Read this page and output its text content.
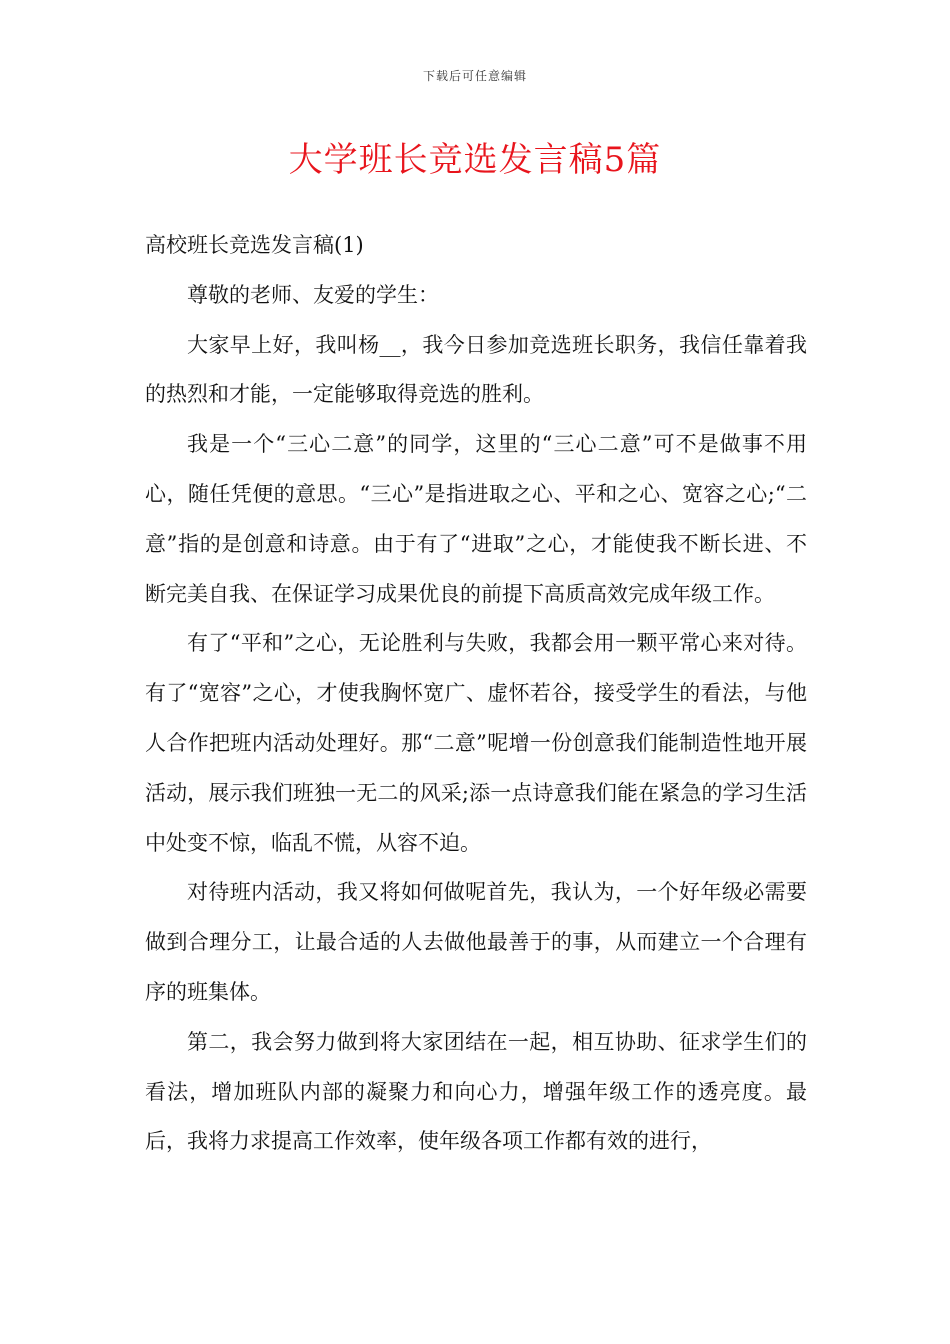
下载后可任意编辑
大学班长竞选发言稿5篇

高校班长竞选发言稿(1)

尊敬的老师、友爱的学生：

大家早上好，我叫杨__，我今日参加竞选班长职务，我信任靠着我的热烈和才能，一定能够取得竞选的胜利。

我是一个“三心二意”的同学，这里的“三心二意”可不是做事不用心，随任凭便的意思。“三心”是指进取之心、平和之心、宽容之心;“二意”指的是创意和诗意。由于有了“进取”之心，才能使我不断长进、不断完美自我、在保证学习成果优良的前提下高质高效完成年级工作。

有了“平和”之心，无论胜利与失败，我都会用一颗平常心来对待。有了“宽容”之心，才使我胸怀宽广、虚怀若谷，接受学生的看法，与他人合作把班内活动处理好。那“二意”呢增一份创意我们能制造性地开展活动，展示我们班独一无二的风采;添一点诗意我们能在紧急的学习生活中处变不惊，临乱不慌，从容不迫。

对待班内活动，我又将如何做呢首先，我认为，一个好年级必需要做到合理分工，让最合适的人去做他最善于的事，从而建立一个合理有序的班集体。

第二，我会努力做到将大家团结在一起，相互协助、征求学生们的看法，增加班队内部的凝聚力和向心力，增强年级工作的透亮度。最后，我将力求提高工作效率，使年级各项工作都有效的进行，
